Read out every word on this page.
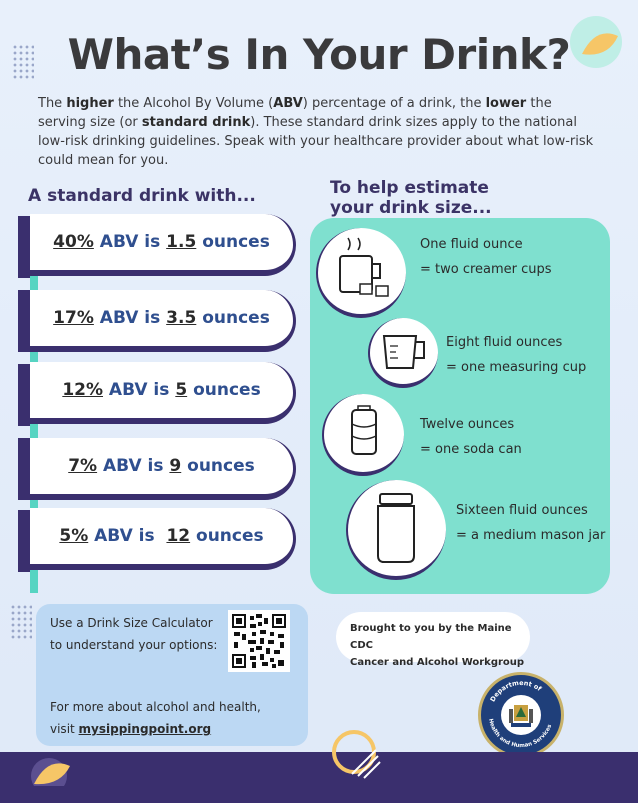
What’s In Your Drink?

The higher the Alcohol By Volume (ABV) percentage of a drink, the lower the serving size (or standard drink). These standard drink sizes apply to the national low-risk drinking guidelines. Speak with your healthcare provider about what low-risk could mean for you.

A standard drink with...	To help estimate
your drink size...
40% ABV is 1.5 ounces
17% ABV is 3.5 ounces
12% ABV is 5 ounces
7% ABV is 9 ounces
5% ABV is 12 ounces
One fluid ounce
= two creamer cups
Eight fluid ounces
= one measuring cup
Twelve ounces
= one soda can
Sixteen fluid ounces
= a medium mason jar
Use a Drink Size Calculator
to understand your options:
For more about alcohol and health,
visit mysippingpoint.org
Brought to you by the Maine CDC
Cancer and Alcohol Workgroup
Department of
Health and Human Services
